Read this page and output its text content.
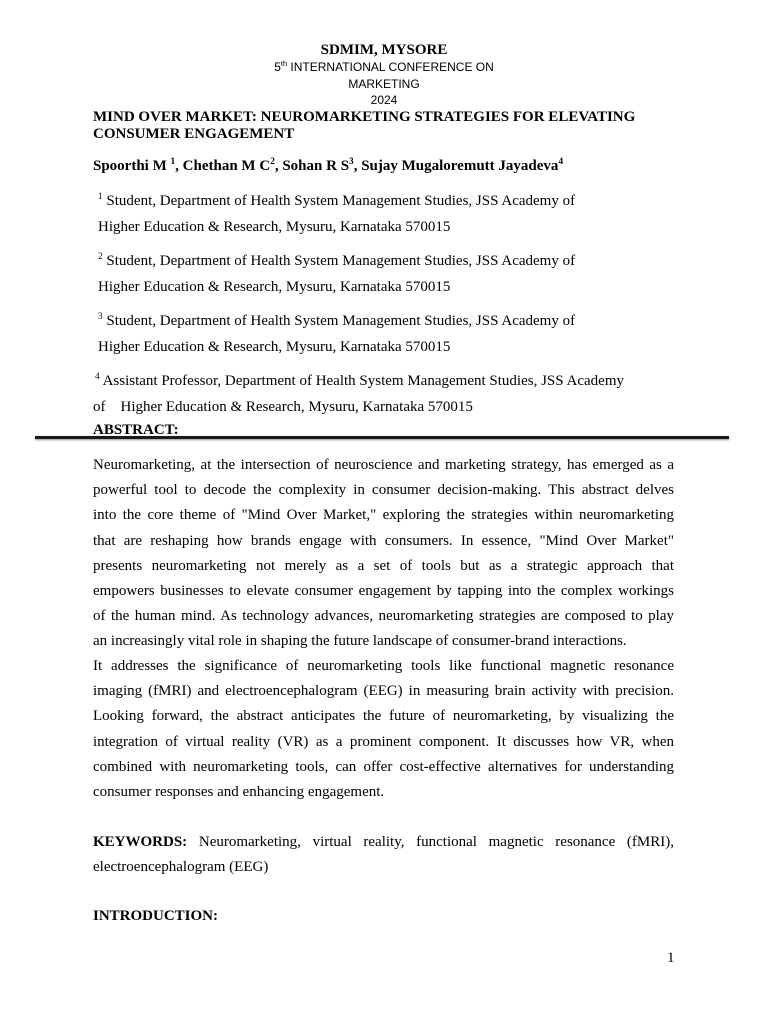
SDMIM, MYSORE
5th INTERNATIONAL CONFERENCE ON
MARKETING
2024
MIND OVER MARKET: NEUROMARKETING STRATEGIES FOR ELEVATING
CONSUMER ENGAGEMENT
Spoorthi M $^1$, Chethan M $C^2$, Sohan R $S^3$, Sujay Mugaloremutt Jayadeva$^4$
$^1$ Student, Department of Health System Management Studies, JSS Academy of
Higher Education & Research, Mysuru, Karnataka 570015
$^2$ Student, Department of Health System Management Studies, JSS Academy of
Higher Education & Research, Mysuru, Karnataka 570015
$^3$ Student, Department of Health System Management Studies, JSS Academy of
Higher Education & Research, Mysuru, Karnataka 570015
$^4$ Assistant Professor, Department of Health System Management Studies, JSS Academy
of    Higher Education & Research, Mysuru, Karnataka 570015
ABSTRACT:
Neuromarketing, at the intersection of neuroscience and marketing strategy, has emerged as a
powerful tool to decode the complexity in consumer decision-making. This abstract delves
into the core theme of "Mind Over Market," exploring the strategies within neuromarketing
that are reshaping how brands engage with consumers. In essence, "Mind Over Market"
presents neuromarketing not merely as a set of tools but as a strategic approach that
empowers businesses to elevate consumer engagement by tapping into the complex workings
of the human mind. As technology advances, neuromarketing strategies are composed to play
an increasingly vital role in shaping the future landscape of consumer-brand interactions.
It addresses the significance of neuromarketing tools like functional magnetic resonance
imaging (fMRI) and electroencephalogram (EEG) in measuring brain activity with precision.
Looking forward, the abstract anticipates the future of neuromarketing, by visualizing the
integration of virtual reality (VR) as a prominent component. It discusses how VR, when
combined with neuromarketing tools, can offer cost-effective alternatives for understanding
consumer responses and enhancing engagement.
KEYWORDS: Neuromarketing, virtual reality, functional magnetic resonance (fMRI),
electroencephalogram (EEG)
INTRODUCTION:
1
